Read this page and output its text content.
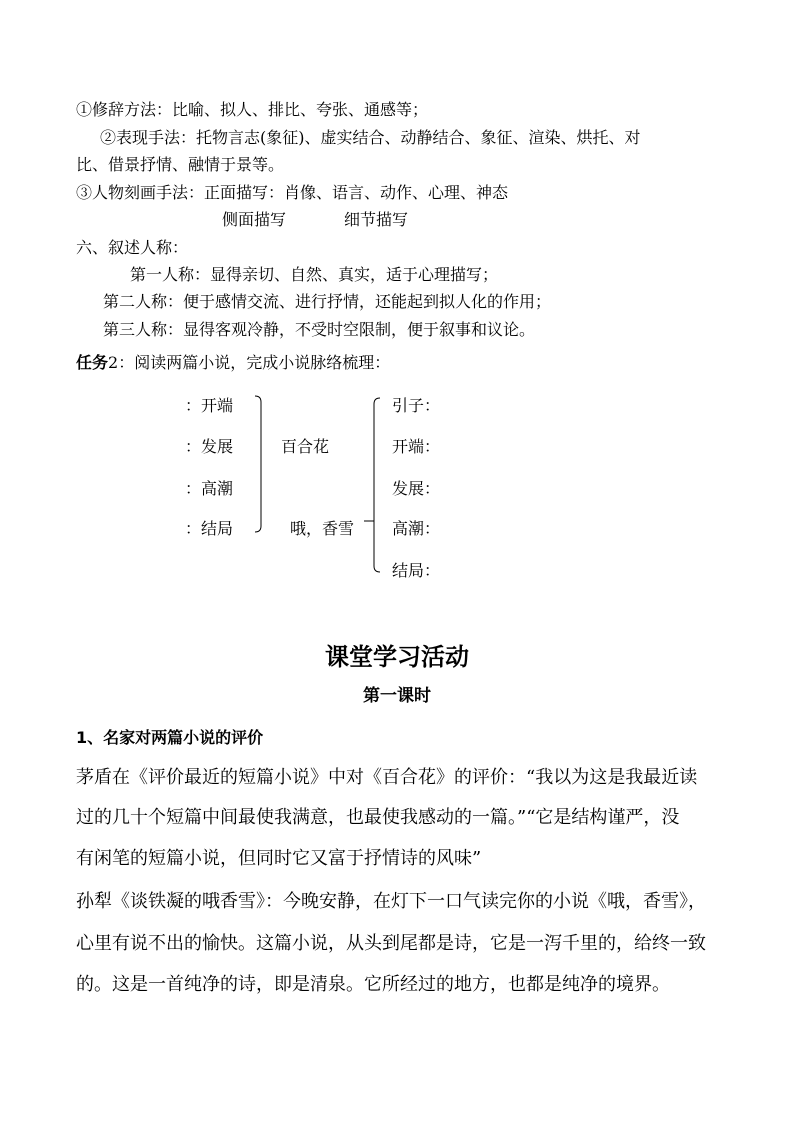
①修辞方法：比喻、拟人、排比、夸张、通感等；
②表现手法：托物言志(象征)、虚实结合、动静结合、象征、渲染、烘托、对
比、借景抒情、融情于景等。
③人物刻画手法：正面描写：肖像、语言、动作、心理、神态
侧面描写	细节描写
六、叙述人称：
第一人称：显得亲切、自然、真实，适于心理描写；
第二人称：便于感情交流、进行抒情，还能起到拟人化的作用；
第三人称：显得客观冷静，不受时空限制，便于叙事和议论。
任务2：阅读两篇小说，完成小说脉络梳理：
：开端
：发展
：高潮
：结局
百合花
哦，香雪
引子：
开端：
发展：
高潮：
结局：
课堂学习活动
第一课时
1、名家对两篇小说的评价
茅盾在《评价最近的短篇小说》中对《百合花》的评价：“我以为这是我最近读
过的几十个短篇中间最使我满意，也最使我感动的一篇。”“它是结构谨严，没
有闲笔的短篇小说，但同时它又富于抒情诗的风味”
孙犁《谈铁凝的哦香雪》：今晚安静，在灯下一口气读完你的小说《哦，香雪》，
心里有说不出的愉快。这篇小说，从头到尾都是诗，它是一泻千里的，给终一致
的。这是一首纯净的诗，即是清泉。它所经过的地方，也都是纯净的境界。
